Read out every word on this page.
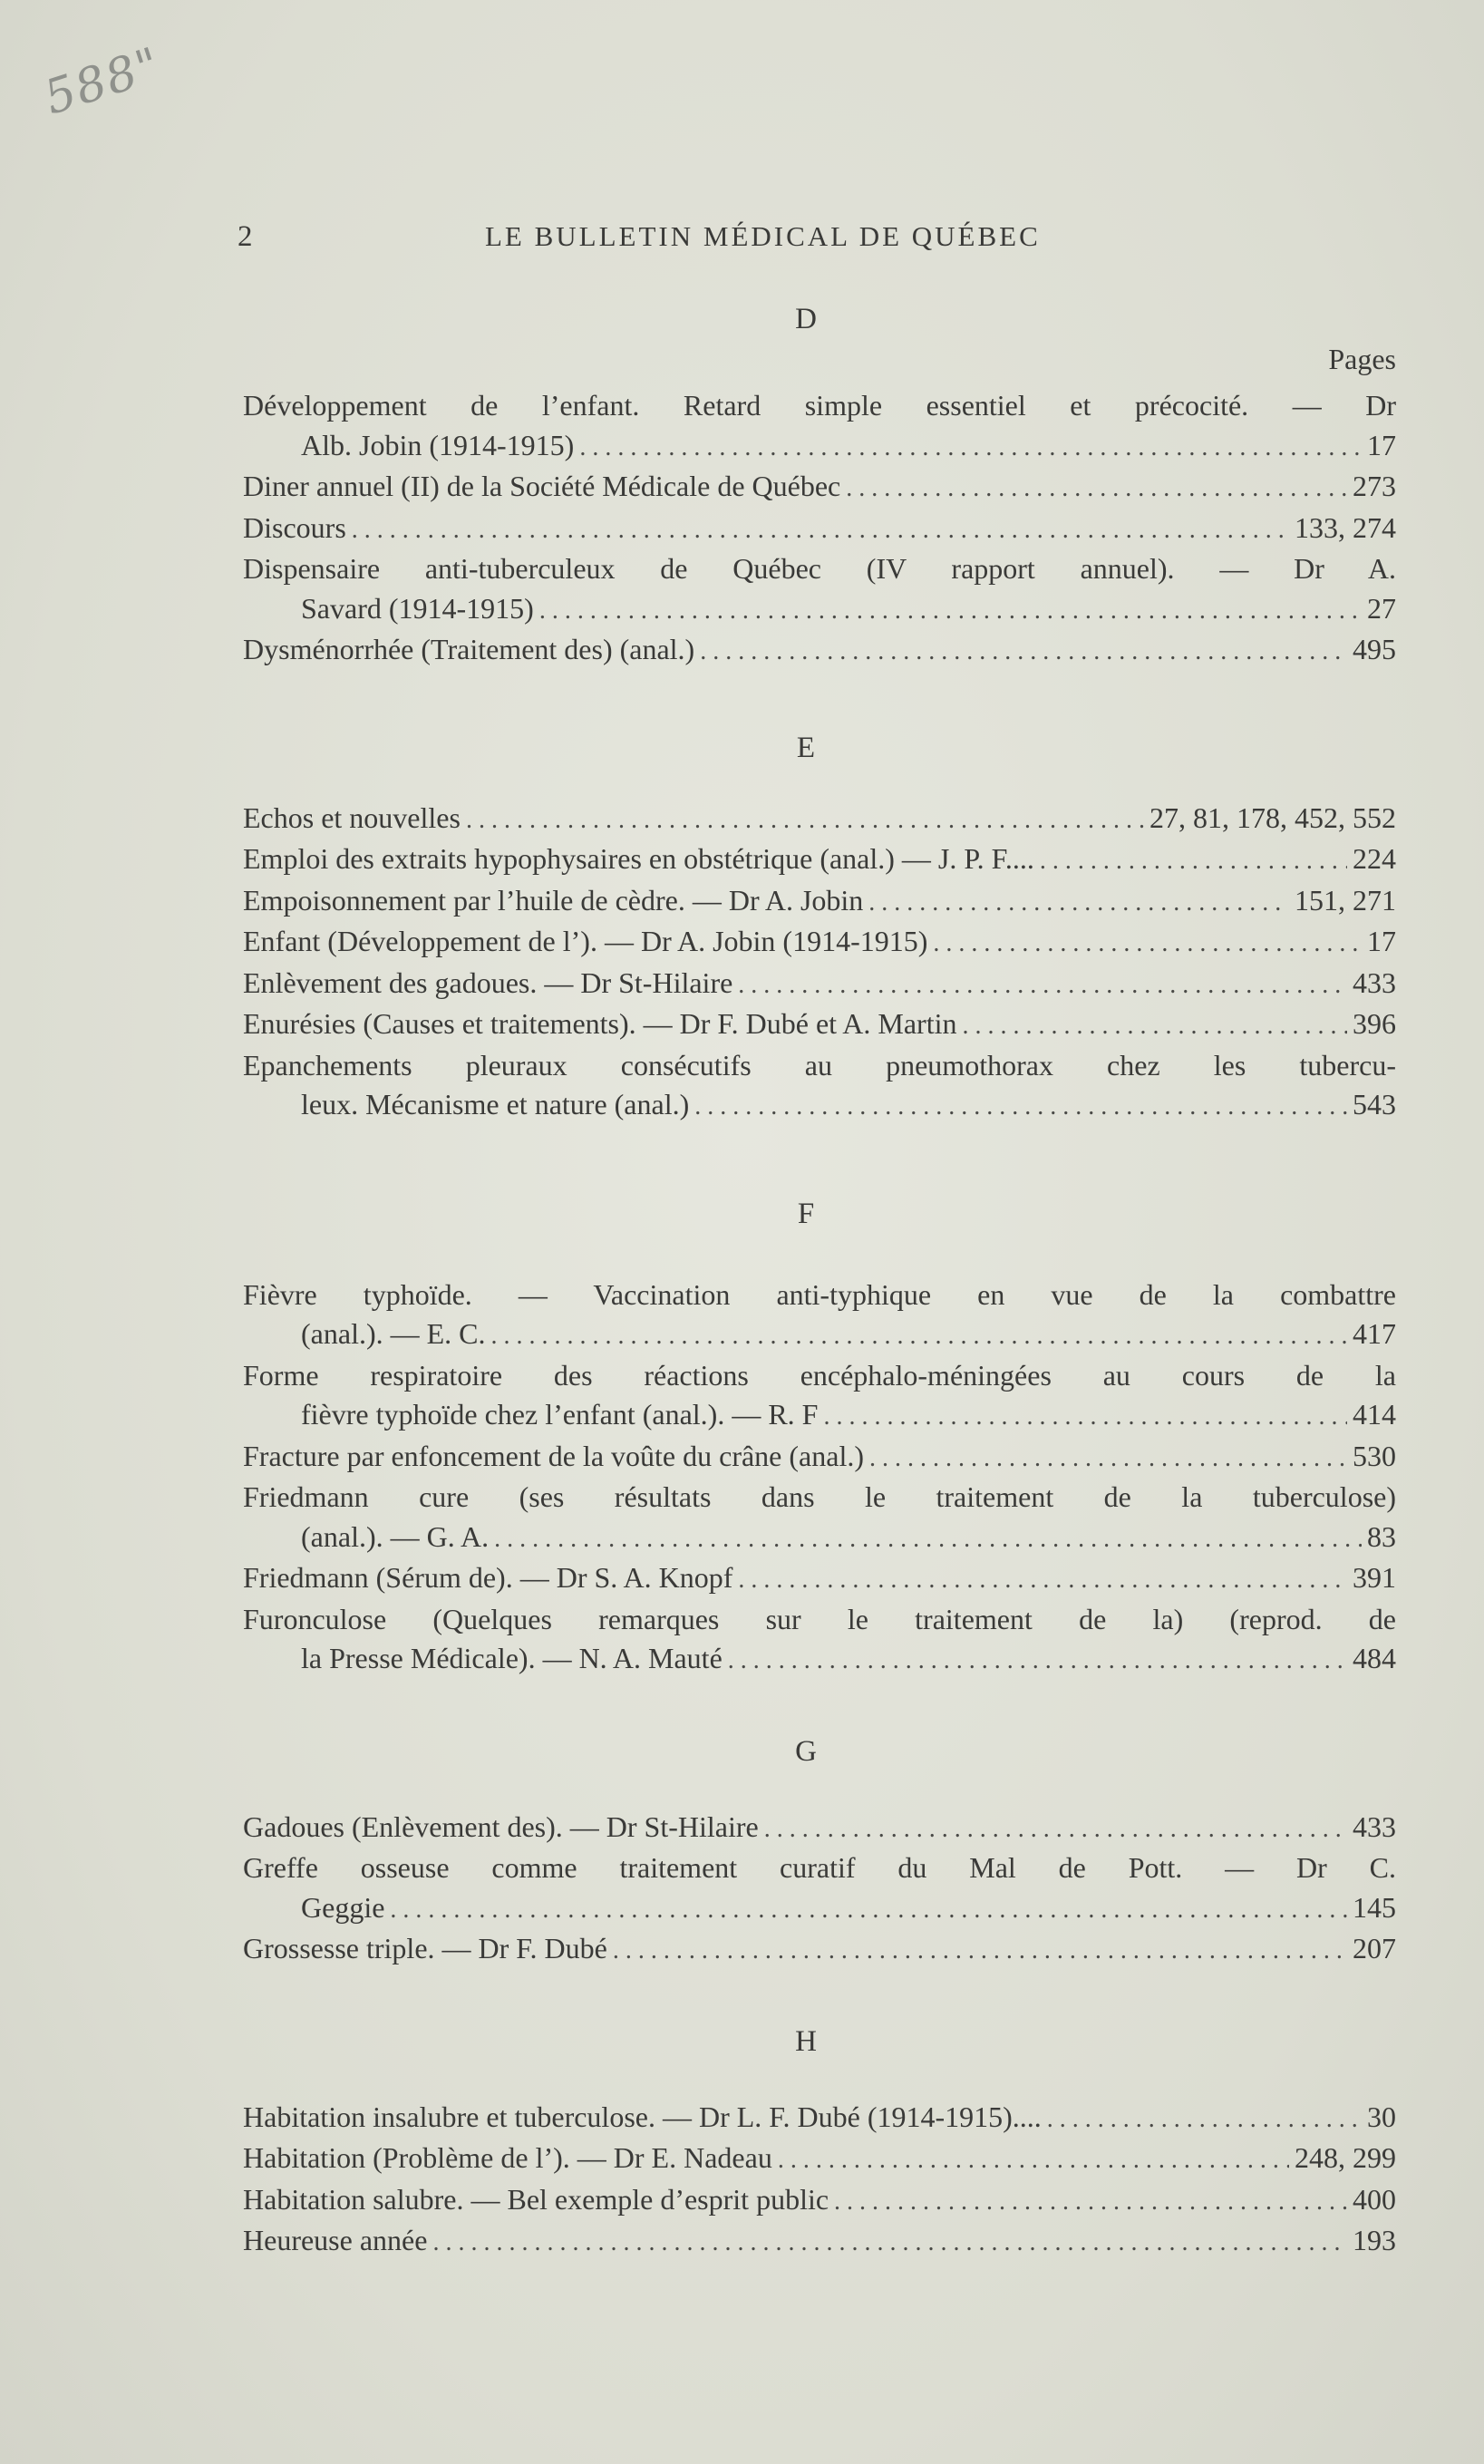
588"
2	LE BULLETIN MÉDICAL DE QUÉBEC
D
Pages
Développement de l’enfant. Retard simple essentiel et précocité. — Dr
Alb. Jobin (1914-1915) . . .	17
Diner annuel (II) de la Société Médicale de Québec . . .	273
Discours . . .	133, 274
Dispensaire anti-tuberculeux de Québec (IV rapport annuel). — Dr A.
Savard (1914-1915) . . .	27
Dysménorrhée (Traitement des) (anal.) . . .	495
E
Echos et nouvelles . . .	27, 81, 178, 452, 552
Emploi des extraits hypophysaires en obstétrique (anal.) — J. P. F.... . . .	224
Empoisonnement par l’huile de cèdre. — Dr A. Jobin . . .	151, 271
Enfant (Développement de l’). — Dr A. Jobin (1914-1915) . . .	17
Enlèvement des gadoues. — Dr St-Hilaire . . .	433
Enurésies (Causes et traitements). — Dr F. Dubé et A. Martin . . .	396
Epanchements pleuraux consécutifs au pneumothorax chez les tubercu-
leux. Mécanisme et nature (anal.) . . .	543
F
Fièvre typhoïde. — Vaccination anti-typhique en vue de la combattre
(anal.). — E. C. . . .	417
Forme respiratoire des réactions encéphalo-méningées au cours de la
fièvre typhoïde chez l’enfant (anal.). — R. F . . .	414
Fracture par enfoncement de la voûte du crâne (anal.) . . .	530
Friedmann cure (ses résultats dans le traitement de la tuberculose)
(anal.). — G. A. . . .	83
Friedmann (Sérum de). — Dr S. A. Knopf . . .	391
Furonculose (Quelques remarques sur le traitement de la) (reprod. de
la Presse Médicale). — N. A. Mauté . . .	484
G
Gadoues (Enlèvement des). — Dr St-Hilaire . . .	433
Greffe osseuse comme traitement curatif du Mal de Pott. — Dr C.
Geggie . . .	145
Grossesse triple. — Dr F. Dubé . . .	207
H
Habitation insalubre et tuberculose. — Dr L. F. Dubé (1914-1915).... . . .	30
Habitation (Problème de l’). — Dr E. Nadeau . . .	248, 299
Habitation salubre. — Bel exemple d’esprit public . . .	400
Heureuse année . . .	193
